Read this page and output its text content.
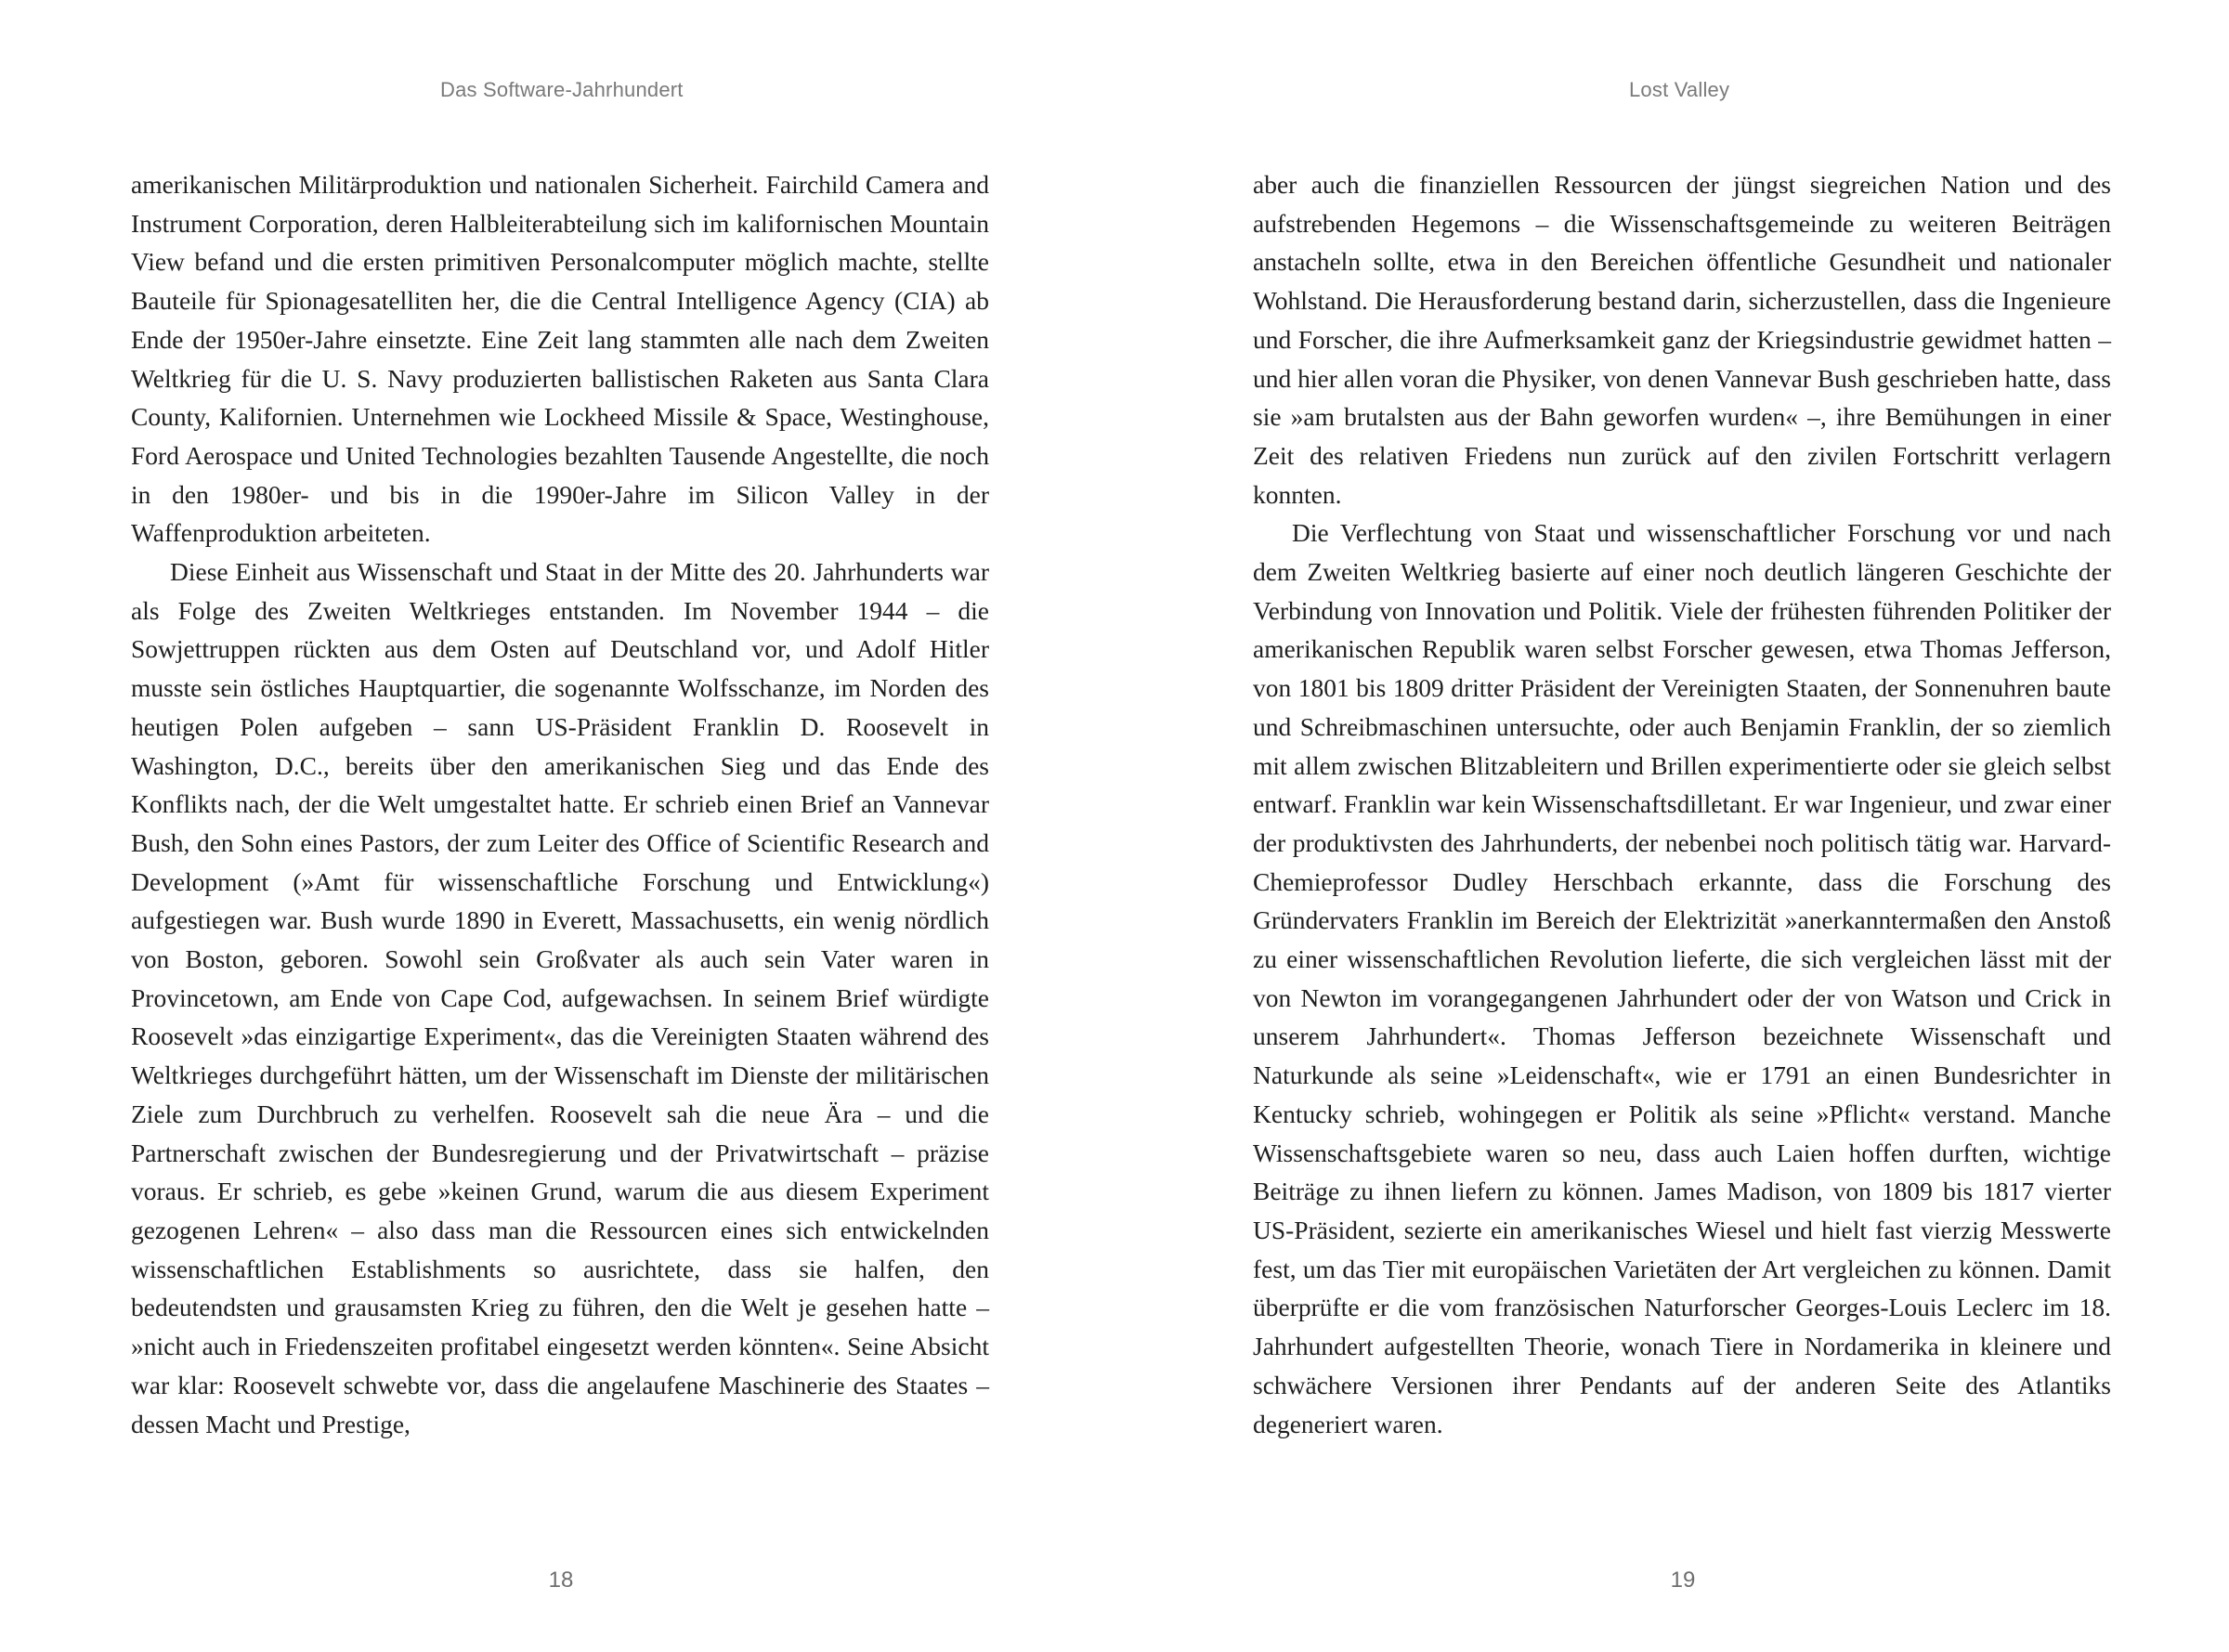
Das Software-Jahrhundert

amerikanischen Militärproduktion und nationalen Sicherheit. Fairchild Camera and Instrument Corporation, deren Halbleiterabteilung sich im kalifornischen Mountain View befand und die ersten primitiven Personalcomputer möglich machte, stellte Bauteile für Spionagesatelliten her, die die Central Intelligence Agency (CIA) ab Ende der 1950er-Jahre einsetzte. Eine Zeit lang stammten alle nach dem Zweiten Weltkrieg für die U. S. Navy produzierten ballistischen Raketen aus Santa Clara County, Kalifornien. Unternehmen wie Lockheed Missile & Space, Westinghouse, Ford Aerospace und United Technologies bezahlten Tausende Angestellte, die noch in den 1980er- und bis in die 1990er-Jahre im Silicon Valley in der Waffenproduktion arbeiteten.

Diese Einheit aus Wissenschaft und Staat in der Mitte des 20. Jahrhunderts war als Folge des Zweiten Weltkrieges entstanden. Im November 1944 – die Sowjettruppen rückten aus dem Osten auf Deutschland vor, und Adolf Hitler musste sein östliches Hauptquartier, die sogenannte Wolfsschanze, im Norden des heutigen Polen aufgeben – sann US-Präsident Franklin D. Roosevelt in Washington, D.C., bereits über den amerikanischen Sieg und das Ende des Konflikts nach, der die Welt umgestaltet hatte. Er schrieb einen Brief an Vannevar Bush, den Sohn eines Pastors, der zum Leiter des Office of Scientific Research and Development (»Amt für wissenschaftliche Forschung und Entwicklung«) aufgestiegen war. Bush wurde 1890 in Everett, Massachusetts, ein wenig nördlich von Boston, geboren. Sowohl sein Großvater als auch sein Vater waren in Provincetown, am Ende von Cape Cod, aufgewachsen. In seinem Brief würdigte Roosevelt »das einzigartige Experiment«, das die Vereinigten Staaten während des Weltkrieges durchgeführt hätten, um der Wissenschaft im Dienste der militärischen Ziele zum Durchbruch zu verhelfen. Roosevelt sah die neue Ära – und die Partnerschaft zwischen der Bundesregierung und der Privatwirtschaft – präzise voraus. Er schrieb, es gebe »keinen Grund, warum die aus diesem Experiment gezogenen Lehren« – also dass man die Ressourcen eines sich entwickelnden wissenschaftlichen Establishments so ausrichtete, dass sie halfen, den bedeutendsten und grausamsten Krieg zu führen, den die Welt je gesehen hatte – »nicht auch in Friedenszeiten profitabel eingesetzt werden könnten«. Seine Absicht war klar: Roosevelt schwebte vor, dass die angelaufene Maschinerie des Staates – dessen Macht und Prestige,

18
Lost Valley

aber auch die finanziellen Ressourcen der jüngst siegreichen Nation und des aufstrebenden Hegemons – die Wissenschaftsgemeinde zu weiteren Beiträgen anstacheln sollte, etwa in den Bereichen öffentliche Gesundheit und nationaler Wohlstand. Die Herausforderung bestand darin, sicherzustellen, dass die Ingenieure und Forscher, die ihre Aufmerksamkeit ganz der Kriegsindustrie gewidmet hatten – und hier allen voran die Physiker, von denen Vannevar Bush geschrieben hatte, dass sie »am brutalsten aus der Bahn geworfen wurden« –, ihre Bemühungen in einer Zeit des relativen Friedens nun zurück auf den zivilen Fortschritt verlagern konnten.

Die Verflechtung von Staat und wissenschaftlicher Forschung vor und nach dem Zweiten Weltkrieg basierte auf einer noch deutlich längeren Geschichte der Verbindung von Innovation und Politik. Viele der frühesten führenden Politiker der amerikanischen Republik waren selbst Forscher gewesen, etwa Thomas Jefferson, von 1801 bis 1809 dritter Präsident der Vereinigten Staaten, der Sonnenuhren baute und Schreibmaschinen untersuchte, oder auch Benjamin Franklin, der so ziemlich mit allem zwischen Blitzableitern und Brillen experimentierte oder sie gleich selbst entwarf. Franklin war kein Wissenschaftsdilletant. Er war Ingenieur, und zwar einer der produktivsten des Jahrhunderts, der nebenbei noch politisch tätig war. Harvard-Chemieprofessor Dudley Herschbach erkannte, dass die Forschung des Gründervaters Franklin im Bereich der Elektrizität »anerkanntermaßen den Anstoß zu einer wissenschaftlichen Revolution lieferte, die sich vergleichen lässt mit der von Newton im vorangegangenen Jahrhundert oder der von Watson und Crick in unserem Jahrhundert«. Thomas Jefferson bezeichnete Wissenschaft und Naturkunde als seine »Leidenschaft«, wie er 1791 an einen Bundesrichter in Kentucky schrieb, wohingegen er Politik als seine »Pflicht« verstand. Manche Wissenschaftsgebiete waren so neu, dass auch Laien hoffen durften, wichtige Beiträge zu ihnen liefern zu können. James Madison, von 1809 bis 1817 vierter US-Präsident, sezierte ein amerikanisches Wiesel und hielt fast vierzig Messwerte fest, um das Tier mit europäischen Varietäten der Art vergleichen zu können. Damit überprüfte er die vom französischen Naturforscher Georges-Louis Leclerc im 18. Jahrhundert aufgestellten Theorie, wonach Tiere in Nordamerika in kleinere und schwächere Versionen ihrer Pendants auf der anderen Seite des Atlantiks degeneriert waren.

19
